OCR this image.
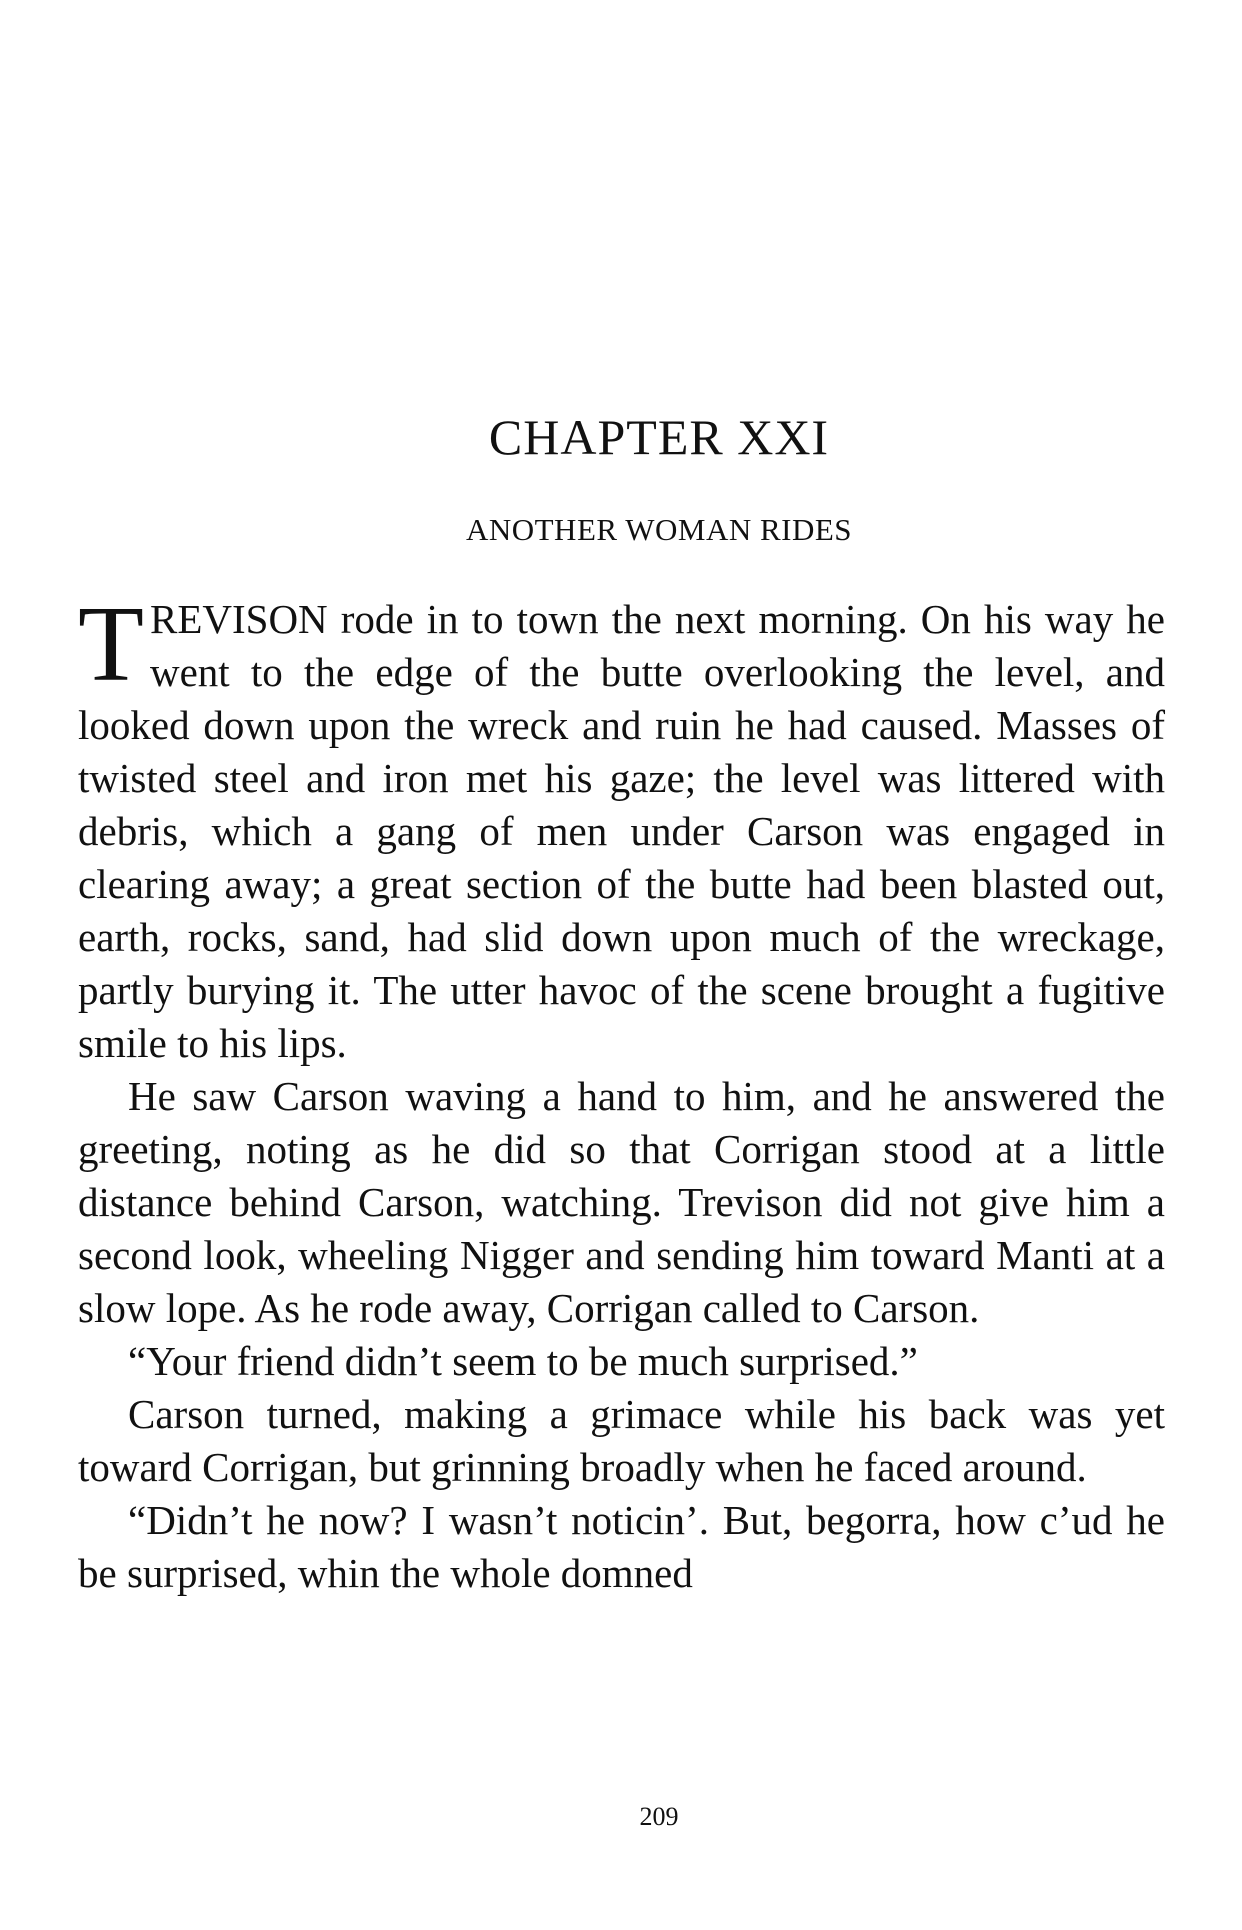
CHAPTER XXI
ANOTHER WOMAN RIDES

TREVISON rode in to town the next morning. On his way he went to the edge of the butte overlooking the level, and looked down upon the wreck and ruin he had caused. Masses of twisted steel and iron met his gaze; the level was littered with debris, which a gang of men under Carson was engaged in clearing away; a great section of the butte had been blasted out, earth, rocks, sand, had slid down upon much of the wreckage, partly burying it. The utter havoc of the scene brought a fugitive smile to his lips.

He saw Carson waving a hand to him, and he answered the greeting, noting as he did so that Corrigan stood at a little distance behind Carson, watching. Trevison did not give him a second look, wheeling Nigger and sending him toward Manti at a slow lope. As he rode away, Corrigan called to Carson.

“Your friend didn’t seem to be much surprised.”

Carson turned, making a grimace while his back was yet toward Corrigan, but grinning broadly when he faced around.

“Didn’t he now? I wasn’t noticin’. But, begorra, how c’ud he be surprised, whin the whole domned

209
